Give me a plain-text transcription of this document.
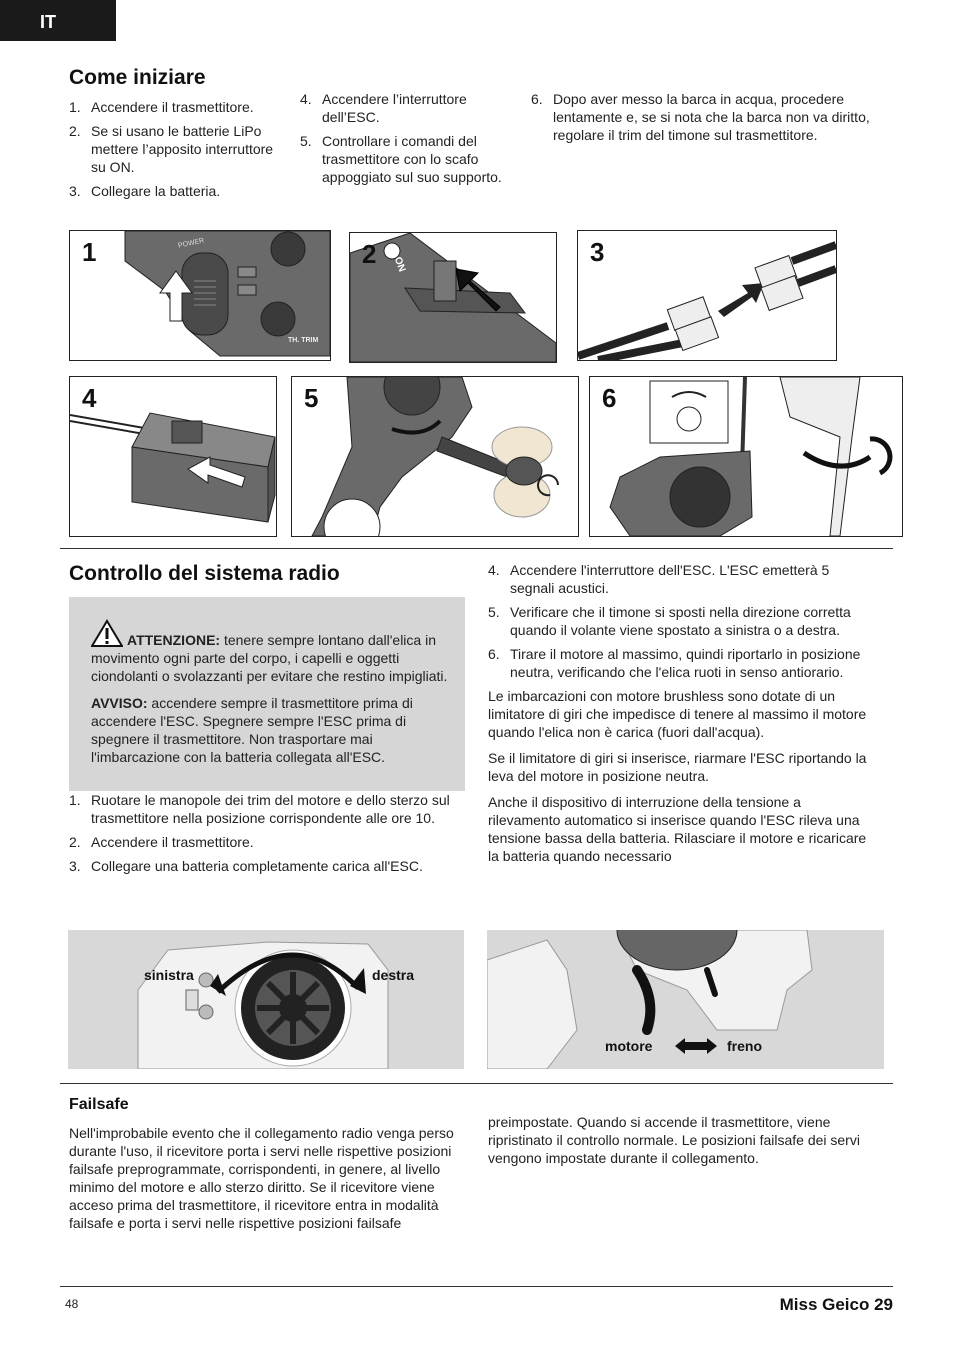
IT
Come iniziare
1. Accendere il trasmettitore.
2. Se si usano le batterie LiPo mettere l’apposito interruttore su ON.
3. Collegare la batteria.
4. Accendere l’interruttore dell’ESC.
5. Controllare i comandi del trasmettitore con lo scafo appoggiato sul suo supporto.
6. Dopo aver messo la barca in acqua, procedere lentamente e, se si nota che la barca non va diritto, regolare il trim del timone sul trasmettitore.
1	POWER
TH. TRIM
2 ON	3
4	5	6
Controllo del sistema radio

ATTENZIONE: tenere sempre lontano dall'elica in movimento ogni parte del corpo, i capelli e oggetti ciondolanti o svolazzanti per evitare che restino impigliati.

AVVISO: accendere sempre il trasmettitore prima di accendere l'ESC. Spegnere sempre l'ESC prima di spegnere il trasmettitore. Non trasportare mai l'imbarcazione con la batteria collegata all'ESC.

1. Ruotare le manopole dei trim del motore e dello sterzo sul trasmettitore nella posizione corrispondente alle ore 10.
2. Accendere il trasmettitore.
3. Collegare una batteria completamente carica all'ESC.
4. Accendere l'interruttore dell'ESC. L'ESC emetterà 5 segnali acustici.
5. Verificare che il timone si sposti nella direzione corretta quando il volante viene spostato a sinistra o a destra.
6. Tirare il motore al massimo, quindi riportarlo in posizione neutra, verificando che l'elica ruoti in senso antiorario.

Le imbarcazioni con motore brushless sono dotate di un limitatore di giri che impedisce di tenere al massimo il motore quando l'elica non è carica (fuori dall'acqua).

Se il limitatore di giri si inserisce, riarmare l'ESC riportando la leva del motore in posizione neutra.

Anche il dispositivo di interruzione della tensione a rilevamento automatico si inserisce quando l'ESC rileva una tensione bassa della batteria. Rilasciare il motore e ricaricare la batteria quando necessario

sinistra	destra
motore	freno
Failsafe

Nell'improbabile evento che il collegamento radio venga perso durante l'uso, il ricevitore porta i servi nelle rispettive posizioni failsafe preprogrammate, corrispondenti, in genere, al livello minimo del motore e allo sterzo diritto. Se il ricevitore viene acceso prima del trasmettitore, il ricevitore entra in modalità failsafe e porta i servi nelle rispettive posizioni failsafe

preimpostate. Quando si accende il trasmettitore, viene ripristinato il controllo normale. Le posizioni failsafe dei servi vengono impostate durante il collegamento.

48	Miss Geico 29
